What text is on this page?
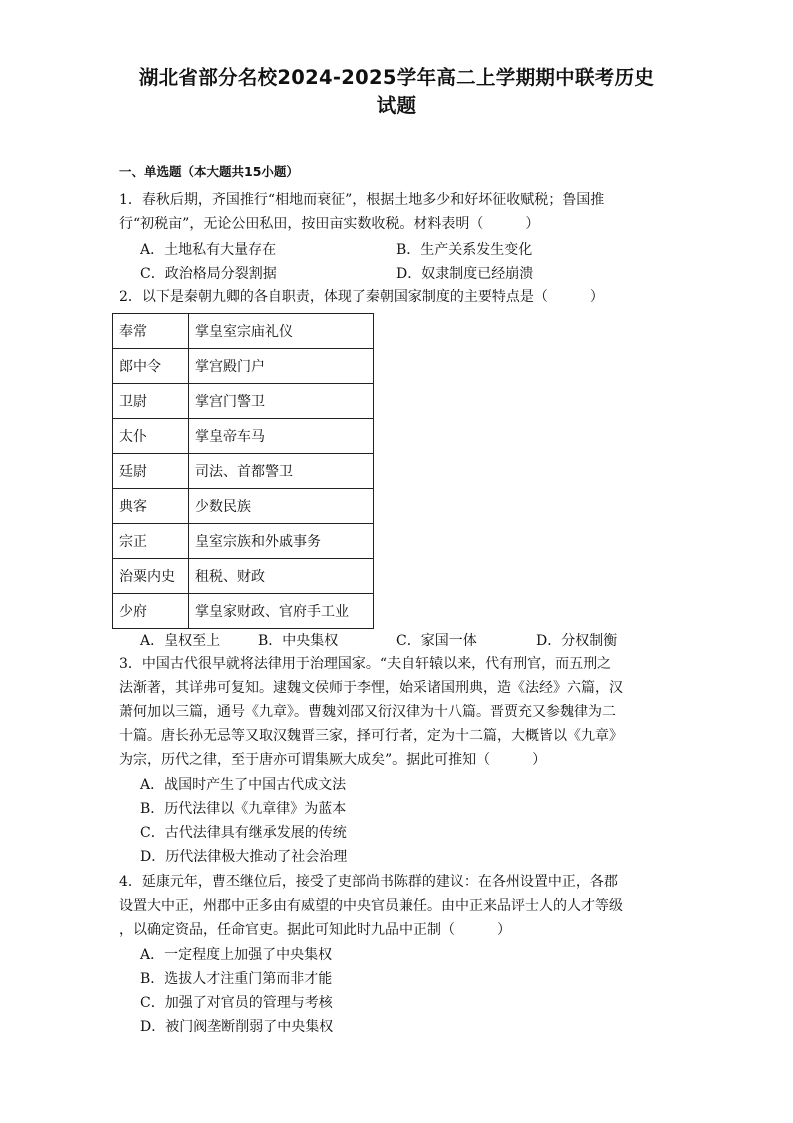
湖北省部分名校2024-2025学年高二上学期期中联考历史
试题
一、单选题（本大题共15小题）
1．春秋后期，齐国推行“相地而衰征”，根据土地多少和好坏征收赋税；鲁国推
行“初税亩”，无论公田私田，按田亩实数收税。材料表明（　　　）
A．土地私有大量存在	B．生产关系发生变化
C．政治格局分裂割据	D．奴隶制度已经崩溃
2．以下是秦朝九卿的各自职责，体现了秦朝国家制度的主要特点是（　　　）
奉常	掌皇室宗庙礼仪
郎中令	掌宫殿门户
卫尉	掌宫门警卫
太仆	掌皇帝车马
廷尉	司法、首都警卫
典客	少数民族
宗正	皇室宗族和外戚事务
治粟内史	租税、财政
少府	掌皇家财政、官府手工业
A．皇权至上	B．中央集权	C．家国一体	D．分权制衡
3．中国古代很早就将法律用于治理国家。“夫自轩辕以来，代有刑官，而五刑之
法渐著，其详弗可复知。逮魏文侯师于李悝，始采诸国刑典，造《法经》六篇，汉
萧何加以三篇，通号《九章》。曹魏刘邵又衍汉律为十八篇。晋贾充又参魏律为二
十篇。唐长孙无忌等又取汉魏晋三家，择可行者，定为十二篇，大概皆以《九章》
为宗，历代之律，至于唐亦可谓集厥大成矣”。据此可推知（　　　）
A．战国时产生了中国古代成文法
B．历代法律以《九章律》为蓝本
C．古代法律具有继承发展的传统
D．历代法律极大推动了社会治理
4．延康元年，曹丕继位后，接受了吏部尚书陈群的建议：在各州设置中正，各郡
设置大中正，州郡中正多由有威望的中央官员兼任。由中正来品评士人的人才等级
，以确定资品，任命官吏。据此可知此时九品中正制（　　　）
A．一定程度上加强了中央集权
B．选拔人才注重门第而非才能
C．加强了对官员的管理与考核
D．被门阀垄断削弱了中央集权
